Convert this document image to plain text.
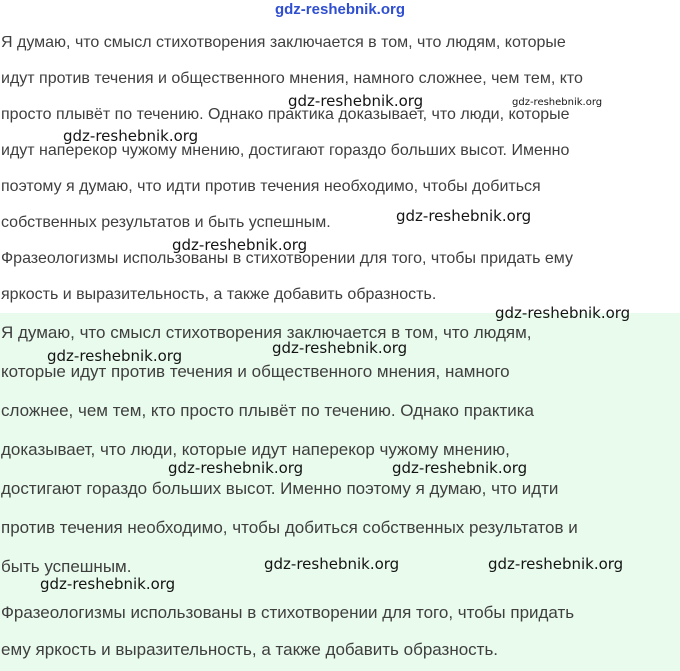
gdz-reshebnik.org
Я думаю, что смысл стихотворения заключается в том, что людям, которые
идут против течения и общественного мнения, намного сложнее, чем тем, кто
просто плывёт по течению. Однако практика доказывает, что люди, которые
идут наперекор чужому мнению, достигают гораздо больших высот. Именно
поэтому я думаю, что идти против течения необходимо, чтобы добиться
собственных результатов и быть успешным.
Фразеологизмы использованы в стихотворении для того, чтобы придать ему
яркость и выразительность, а также добавить образность.
Я думаю, что смысл стихотворения заключается в том, что людям,
которые идут против течения и общественного мнения, намного
сложнее, чем тем, кто просто плывёт по течению. Однако практика
доказывает, что люди, которые идут наперекор чужому мнению,
достигают гораздо больших высот. Именно поэтому я думаю, что идти
против течения необходимо, чтобы добиться собственных результатов и
быть успешным.
Фразеологизмы использованы в стихотворении для того, чтобы придать
ему яркость и выразительность, а также добавить образность.
gdz-reshebnik.org	gdz-reshebnik.org
gdz-reshebnik.org
gdz-reshebnik.org
gdz-reshebnik.org
gdz-reshebnik.org
gdz-reshebnik.org
gdz-reshebnik.org
gdz-reshebnik.org	gdz-reshebnik.org
gdz-reshebnik.org	gdz-reshebnik.org
gdz-reshebnik.org
